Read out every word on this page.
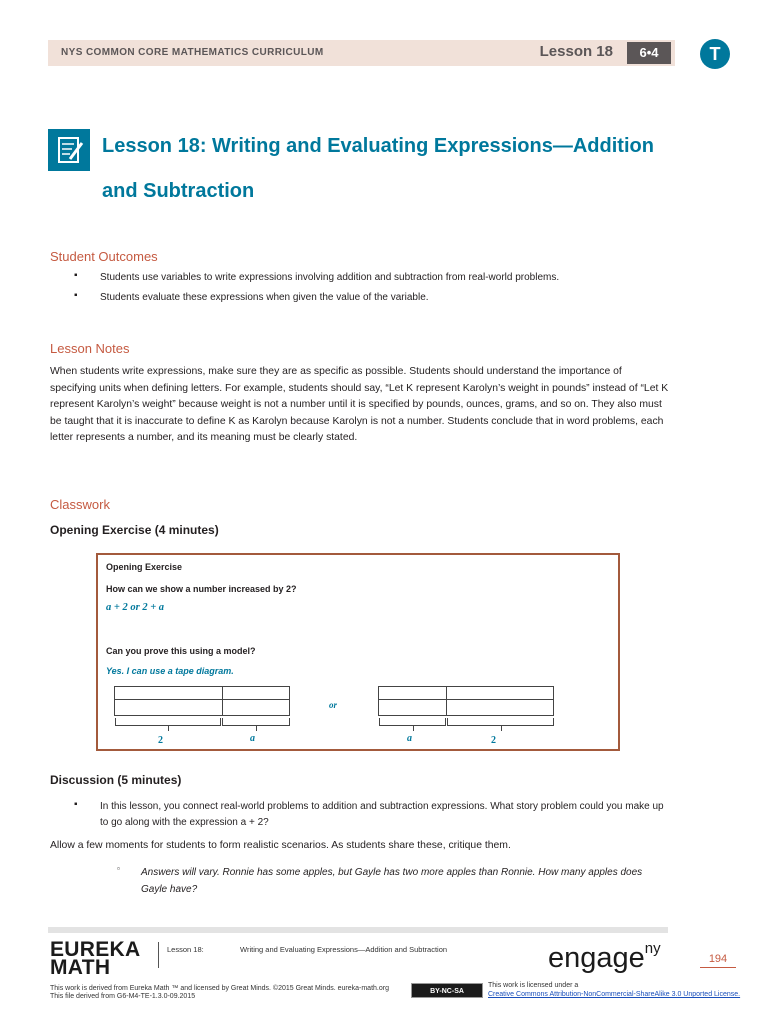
NYS COMMON CORE MATHEMATICS CURRICULUM	Lesson 18	6•4	T
Lesson 18: Writing and Evaluating Expressions—Addition and Subtraction
Student Outcomes
▪ Students use variables to write expressions involving addition and subtraction from real-world problems.
▪ Students evaluate these expressions when given the value of the variable.
Lesson Notes
When students write expressions, make sure they are as specific as possible. Students should understand the importance of specifying units when defining letters. For example, students should say, “Let K represent Karolyn’s weight in pounds” instead of “Let K represent Karolyn’s weight” because weight is not a number until it is specified by pounds, ounces, grams, and so on. They also must be taught that it is inaccurate to define K as Karolyn because Karolyn is not a number. Students conclude that in word problems, each letter represents a number, and its meaning must be clearly stated.
Classwork
Opening Exercise (4 minutes)
Opening Exercise
How can we show a number increased by 2?
a + 2 or 2 + a
Can you prove this using a model?
Yes. I can use a tape diagram.
2	a
or
a	2
Discussion (5 minutes)
▪ In this lesson, you connect real-world problems to addition and subtraction expressions. What story problem could you make up to go along with the expression a + 2?
Allow a few moments for students to form realistic scenarios. As students share these, critique them.
▫ Answers will vary. Ronnie has some apples, but Gayle has two more apples than Ronnie. How many apples does Gayle have?
EUREKA
MATH
Lesson 18:	Writing and Evaluating Expressions—Addition and Subtraction	engage$^{ny}$
194
This work is derived from Eureka Math ™ and licensed by Great Minds. ©2015 Great Minds. eureka-math.org
This file derived from G6-M4-TE-1.3.0-09.2015
BY-NC-SA
This work is licensed under a
Creative Commons Attribution-NonCommercial-ShareAlike 3.0 Unported License.
